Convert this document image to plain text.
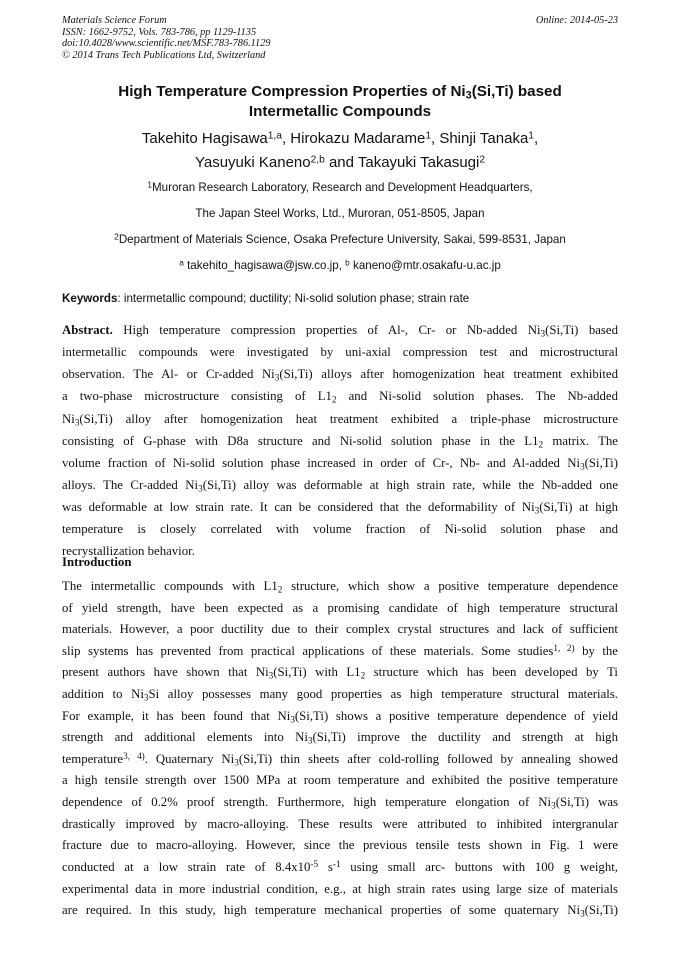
Materials Science Forum
ISSN: 1662-9752, Vols. 783-786, pp 1129-1135
doi:10.4028/www.scientific.net/MSF.783-786.1129
© 2014 Trans Tech Publications Ltd, Switzerland
Online: 2014-05-23
High Temperature Compression Properties of $Ni_3(Si,Ti)$ based
Intermetallic Compounds
Takehito Hagisawa$^{1,a}$, Hirokazu Madarame$^1$, Shinji Tanaka$^1$,
Yasuyuki Kaneno$^{2,b}$ and Takayuki Takasugi$^2$
$^1$Muroran Research Laboratory, Research and Development Headquarters,
The Japan Steel Works, Ltd., Muroran, 051-8505, Japan
$^2$Department of Materials Science, Osaka Prefecture University, Sakai, 599-8531, Japan
$^a$ takehito_hagisawa@jsw.co.jp, $^b$ kaneno@mtr.osakafu-u.ac.jp
Keywords: intermetallic compound; ductility; Ni-solid solution phase; strain rate
Abstract. High temperature compression properties of Al-, Cr- or Nb-added $Ni_3(Si,Ti)$ based
intermetallic compounds were investigated by uni-axial compression test and microstructural
observation. The Al- or Cr-added $Ni_3(Si,Ti)$ alloys after homogenization heat treatment exhibited
a two-phase microstructure consisting of $L1_2$ and Ni-solid solution phases. The Nb-added
$Ni_3(Si,Ti)$ alloy after homogenization heat treatment exhibited a triple-phase microstructure
consisting of G-phase with D8a structure and Ni-solid solution phase in the $L1_2$ matrix. The
volume fraction of Ni-solid solution phase increased in order of Cr-, Nb- and Al-added $Ni_3(Si,Ti)$
alloys. The Cr-added $Ni_3(Si,Ti)$ alloy was deformable at high strain rate, while the Nb-added one
was deformable at low strain rate. It can be considered that the deformability of $Ni_3(Si,Ti)$ at high
temperature is closely correlated with volume fraction of Ni-solid solution phase and
recrystallization behavior.
Introduction
The intermetallic compounds with $L1_2$ structure, which show a positive temperature dependence
of yield strength, have been expected as a promising candidate of high temperature structural
materials. However, a poor ductility due to their complex crystal structures and lack of sufficient
slip systems has prevented from practical applications of these materials. Some studies$^{1, 2)}$ by the
present authors have shown that $Ni_3(Si,Ti)$ with $L1_2$ structure which has been developed by Ti
addition to $Ni_3Si$ alloy possesses many good properties as high temperature structural materials.
For example, it has been found that $Ni_3(Si,Ti)$ shows a positive temperature dependence of yield
strength and additional elements into $Ni_3(Si,Ti)$ improve the ductility and strength at high
temperature$^{3, 4)}$. Quaternary $Ni_3(Si,Ti)$ thin sheets after cold-rolling followed by annealing showed
a high tensile strength over 1500 MPa at room temperature and exhibited the positive temperature
dependence of 0.2% proof strength. Furthermore, high temperature elongation of $Ni_3(Si,Ti)$ was
drastically improved by macro-alloying. These results were attributed to inhibited intergranular
fracture due to macro-alloying. However, since the previous tensile tests shown in Fig. 1 were
conducted at a low strain rate of $8.4x10^{-5}$ $s^{-1}$ using small arc- buttons with 100 g weight,
experimental data in more industrial condition, e.g., at high strain rates using large size of materials
are required. In this study, high temperature mechanical properties of some quaternary $Ni_3(Si,Ti)$
